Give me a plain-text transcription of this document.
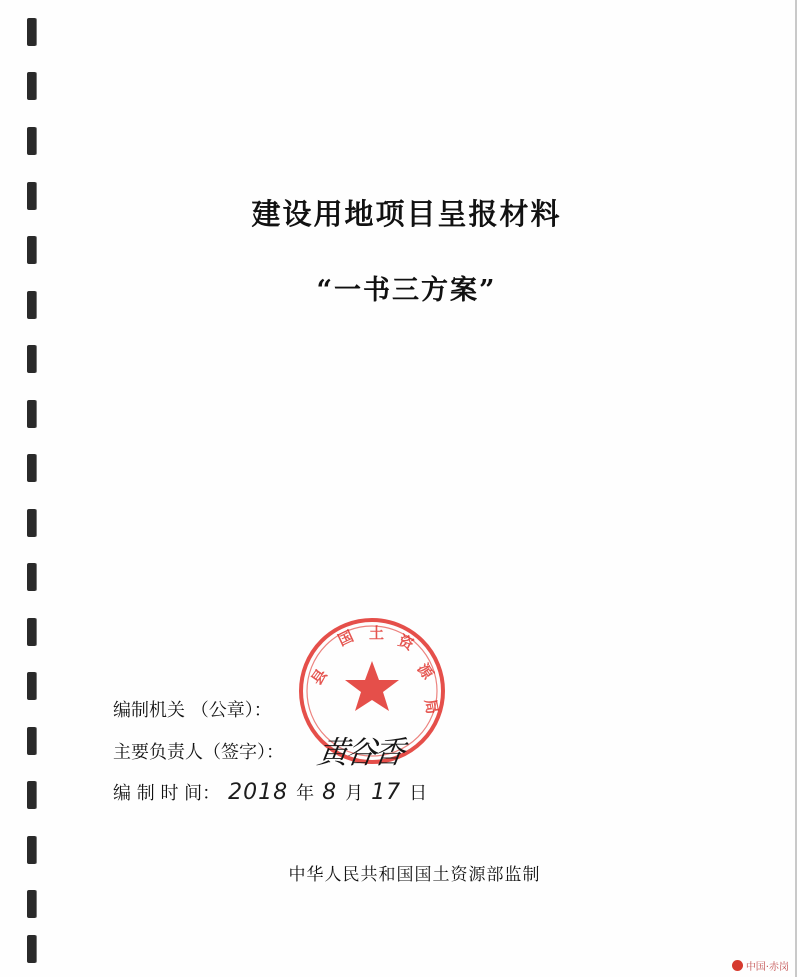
建设用地项目呈报材料
“一书三方案”
县
国 土 资
源
局
编制机关 （公章）：
主要负责人（签字）： 黄谷香
编 制 时 间： 2018 年 8 月 17 日
中华人民共和国国土资源部监制
中国·赤岗
